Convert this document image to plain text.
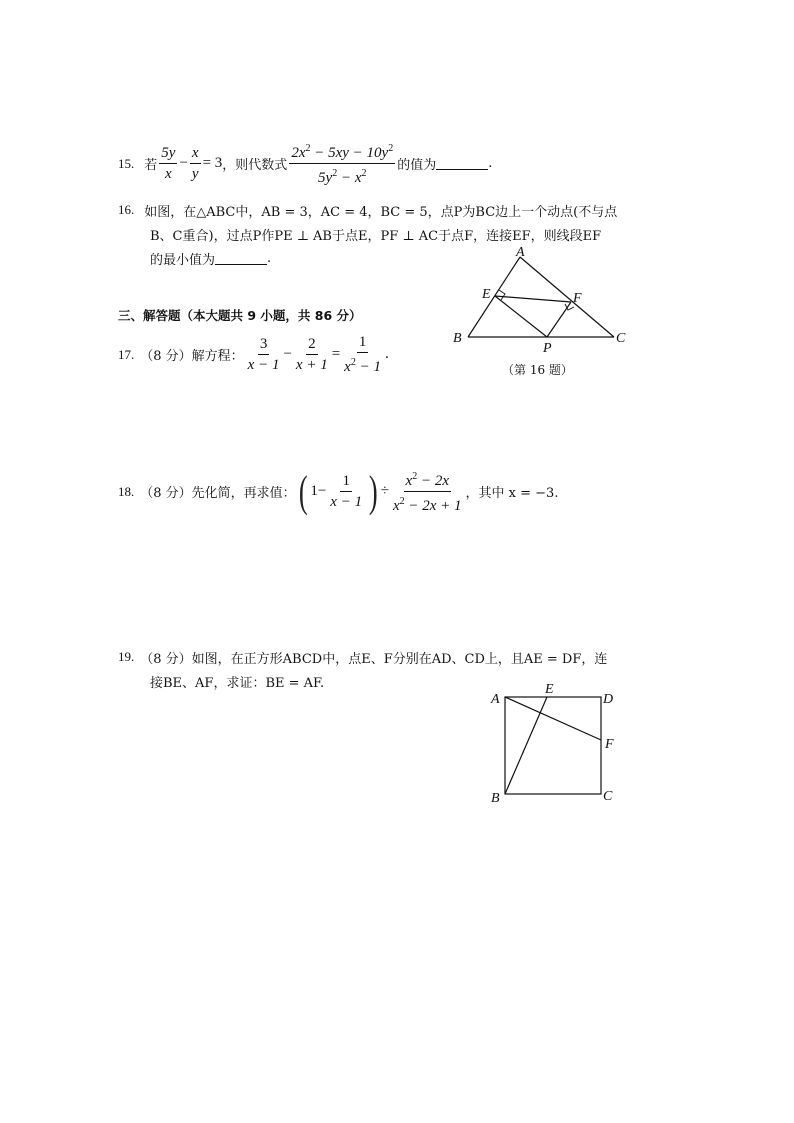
15. 若 $\frac{5y}{x} - \frac{x}{y} = 3$ ，则代数式 $\frac{2x^2 - 5xy - 10y^2}{5y^2 - x^2}$ 的值为	.
16. 如图，在△ABC中，AB = 3，AC = 4，BC = 5，点P为BC边上一个动点(不与点
B、C重合)，过点P作PE ⊥ AB于点E，PF ⊥ AC于点F，连接EF，则线段EF
的最小值为	.	A
E	F
B
P
C
（第 16 题）
三、解答题（本大题共 9 小题，共 86 分）
17. （8 分） 解方程： $\frac{3}{x - 1} - \frac{2}{x + 1} = \frac{1}{x^2 - 1}$ .
18. （8 分） 先化简，再求值： ( $1- \frac{1}{x - 1}$ ) ÷ $\frac{x^2 - 2x}{x^2 - 2x + 1}$ ，其中 x = −3.
19. （8 分） 如图，在正方形ABCD中，点E、F分别在AD、CD上，且AE = DF，连
接BE、AF，求证：BE = AF.
A
E
D
F
B	C
